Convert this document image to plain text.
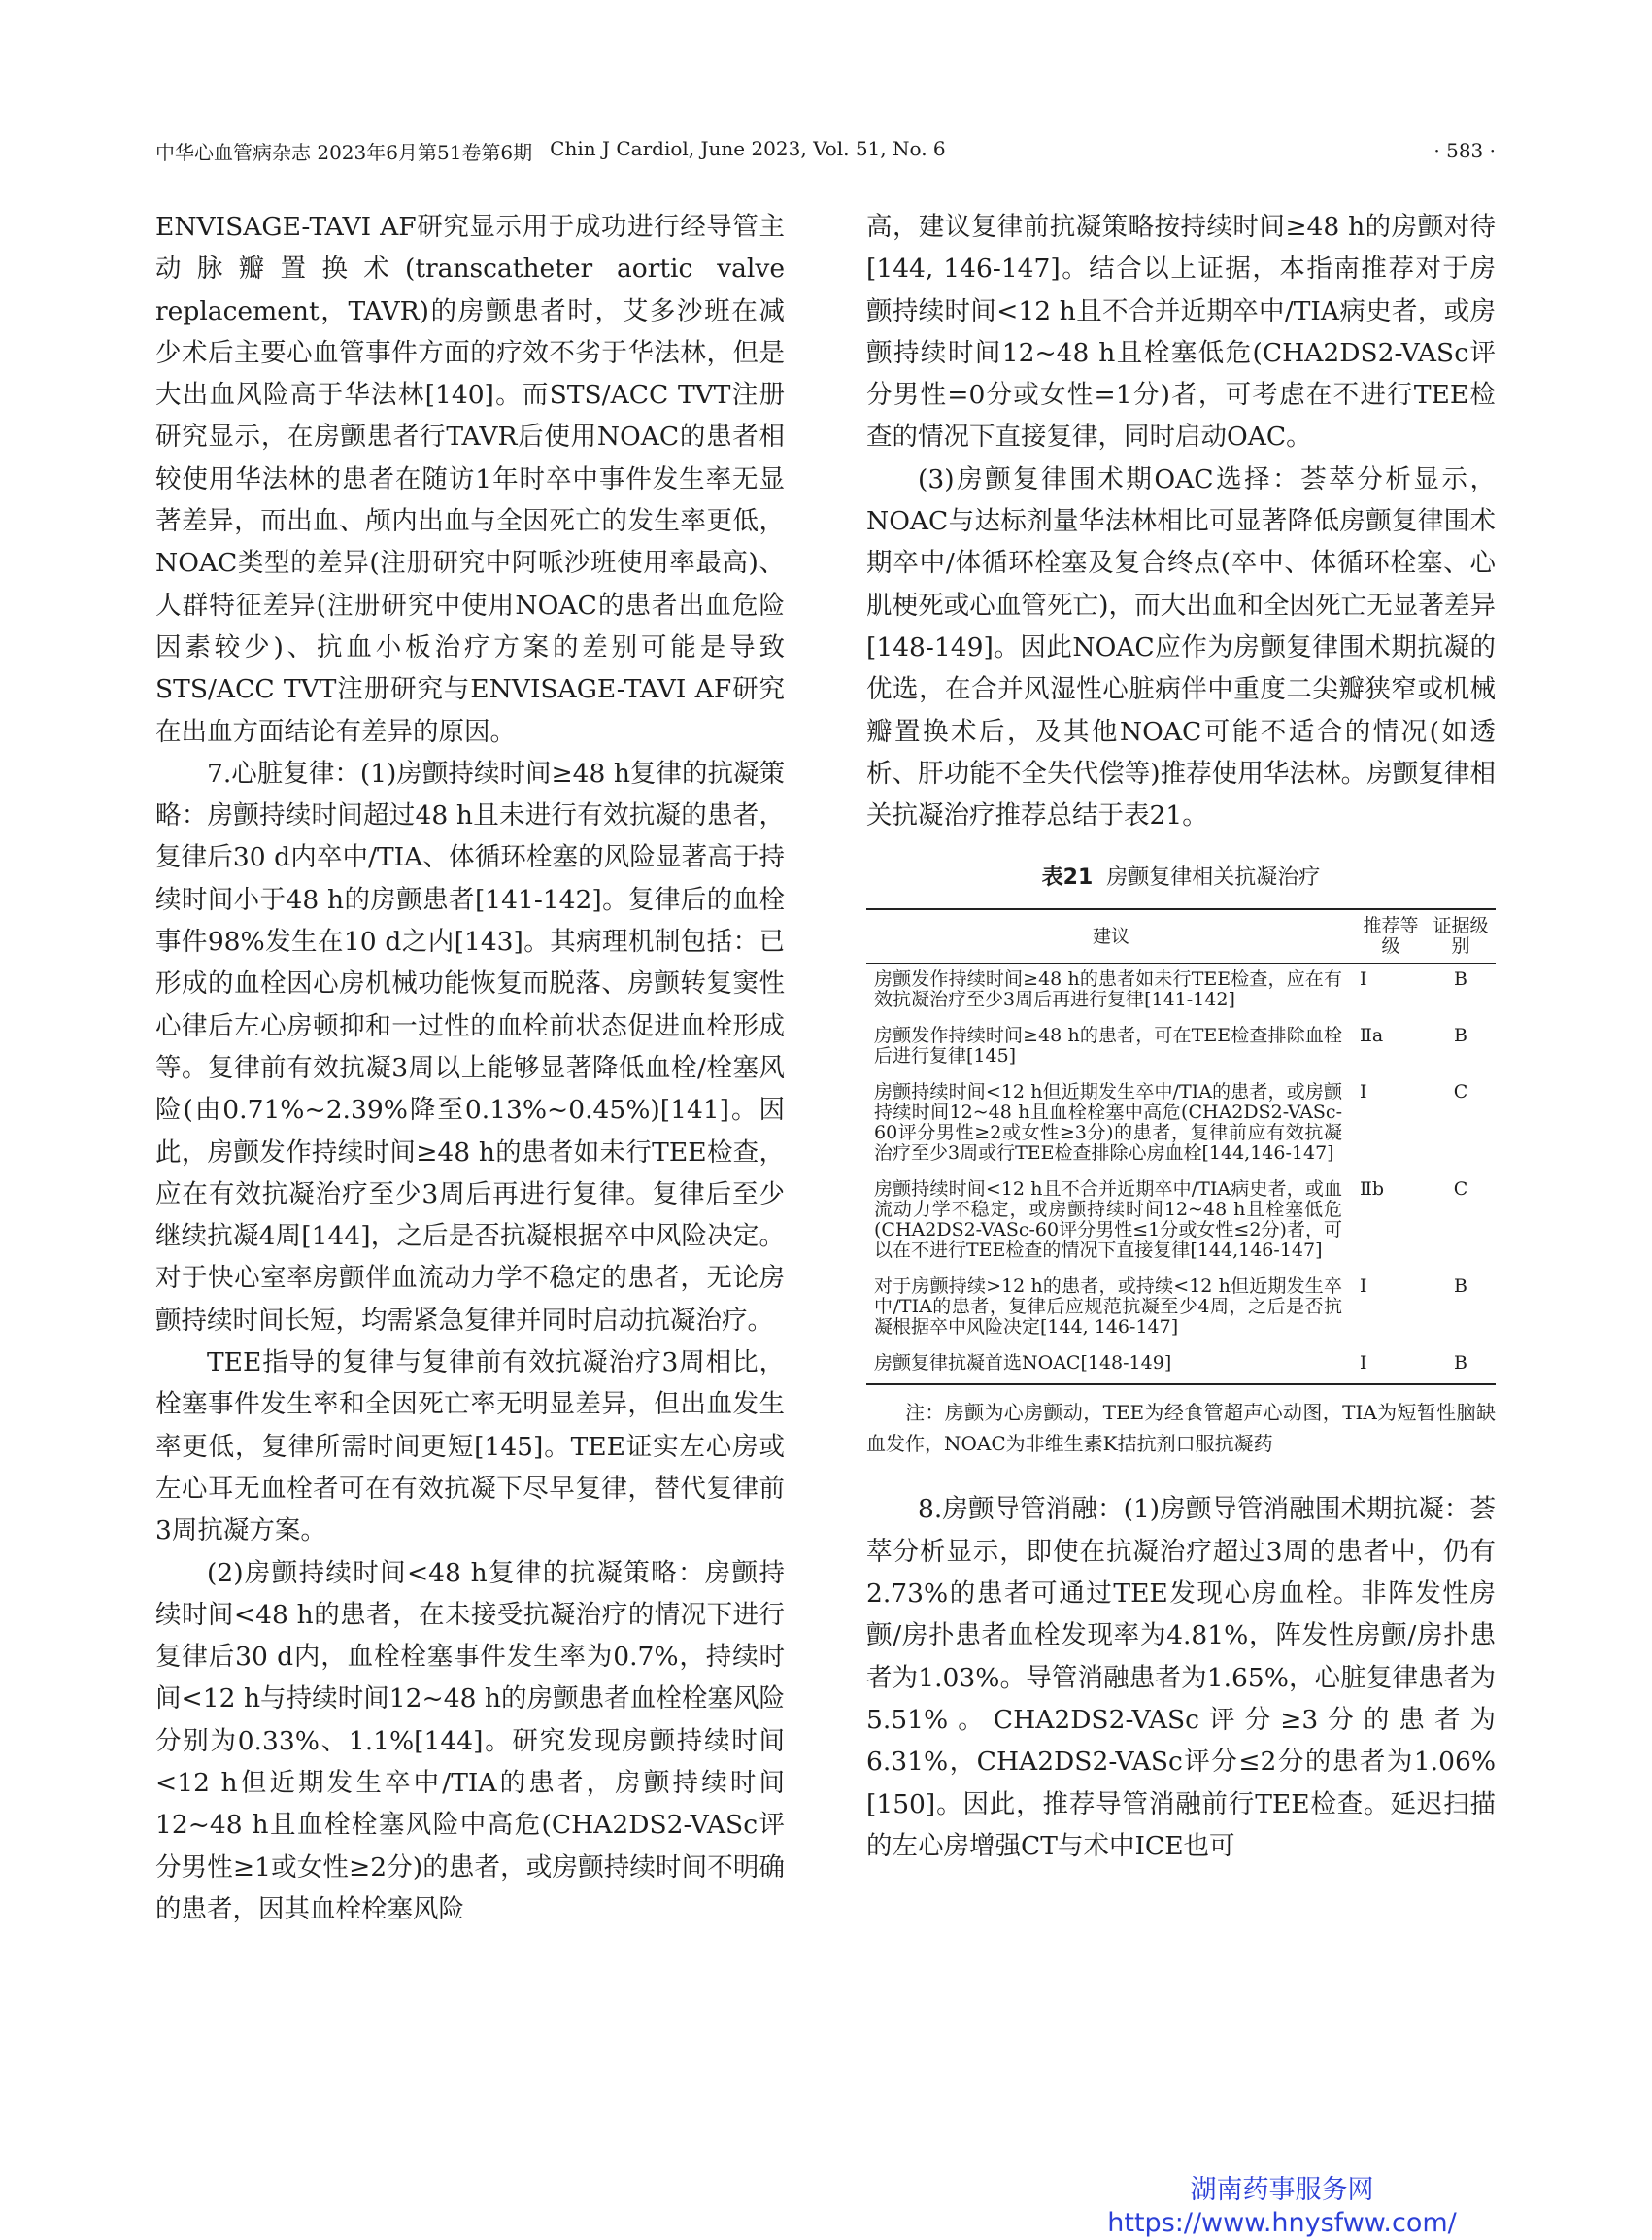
中华心血管病杂志 2023年6月第51卷第6期 Chin J Cardiol, June 2023, Vol. 51, No. 6	· 583 ·

ENVISAGE-TAVI AF研究显示用于成功进行经导管主动脉瓣置换术(transcatheter aortic valve replacement，TAVR)的房颤患者时，艾多沙班在减少术后主要心血管事件方面的疗效不劣于华法林，但是大出血风险高于华法林[140]。而STS/ACC TVT注册研究显示，在房颤患者行TAVR后使用NOAC的患者相较使用华法林的患者在随访1年时卒中事件发生率无显著差异，而出血、颅内出血与全因死亡的发生率更低，NOAC类型的差异(注册研究中阿哌沙班使用率最高)、人群特征差异(注册研究中使用NOAC的患者出血危险因素较少)、抗血小板治疗方案的差别可能是导致STS/ACC TVT注册研究与ENVISAGE-TAVI AF研究在出血方面结论有差异的原因。

7.心脏复律：(1)房颤持续时间≥48 h复律的抗凝策略：房颤持续时间超过48 h且未进行有效抗凝的患者，复律后30 d内卒中/TIA、体循环栓塞的风险显著高于持续时间小于48 h的房颤患者[141-142]。复律后的血栓事件98%发生在10 d之内[143]。其病理机制包括：已形成的血栓因心房机械功能恢复而脱落、房颤转复窦性心律后左心房顿抑和一过性的血栓前状态促进血栓形成等。复律前有效抗凝3周以上能够显著降低血栓/栓塞风险(由0.71%~2.39%降至0.13%~0.45%)[141]。因此，房颤发作持续时间≥48 h的患者如未行TEE检查，应在有效抗凝治疗至少3周后再进行复律。复律后至少继续抗凝4周[144]，之后是否抗凝根据卒中风险决定。对于快心室率房颤伴血流动力学不稳定的患者，无论房颤持续时间长短，均需紧急复律并同时启动抗凝治疗。

TEE指导的复律与复律前有效抗凝治疗3周相比，栓塞事件发生率和全因死亡率无明显差异，但出血发生率更低，复律所需时间更短[145]。TEE证实左心房或左心耳无血栓者可在有效抗凝下尽早复律，替代复律前3周抗凝方案。

(2)房颤持续时间<48 h复律的抗凝策略：房颤持续时间<48 h的患者，在未接受抗凝治疗的情况下进行复律后30 d内，血栓栓塞事件发生率为0.7%，持续时间<12 h与持续时间12~48 h的房颤患者血栓栓塞风险分别为0.33%、1.1%[144]。研究发现房颤持续时间<12 h但近期发生卒中/TIA的患者，房颤持续时间12~48 h且血栓栓塞风险中高危(CHA2DS2-VASc评分男性≥1或女性≥2分)的患者，或房颤持续时间不明确的患者，因其血栓栓塞风险

高，建议复律前抗凝策略按持续时间≥48 h的房颤对待[144, 146-147]。结合以上证据，本指南推荐对于房颤持续时间<12 h且不合并近期卒中/TIA病史者，或房颤持续时间12~48 h且栓塞低危(CHA2DS2-VASc评分男性=0分或女性=1分)者，可考虑在不进行TEE检查的情况下直接复律，同时启动OAC。

(3)房颤复律围术期OAC选择：荟萃分析显示，NOAC与达标剂量华法林相比可显著降低房颤复律围术期卒中/体循环栓塞及复合终点(卒中、体循环栓塞、心肌梗死或心血管死亡)，而大出血和全因死亡无显著差异[148-149]。因此NOAC应作为房颤复律围术期抗凝的优选，在合并风湿性心脏病伴中重度二尖瓣狭窄或机械瓣置换术后，及其他NOAC可能不适合的情况(如透析、肝功能不全失代偿等)推荐使用华法林。房颤复律相关抗凝治疗推荐总结于表21。

表21 房颤复律相关抗凝治疗
建议	推荐等级	证据级别
房颤发作持续时间≥48 h的患者如未行TEE检查，应在有效抗凝治疗至少3周后再进行复律[141-142]	Ⅰ	B
房颤发作持续时间≥48 h的患者，可在TEE检查排除血栓后进行复律[145]	Ⅱa	B
房颤持续时间<12 h但近期发生卒中/TIA的患者，或房颤持续时间12~48 h且血栓栓塞中高危(CHA2DS2-VASc-60评分男性≥2或女性≥3分)的患者，复律前应有效抗凝治疗至少3周或行TEE检查排除心房血栓[144,146-147]	Ⅰ	C
房颤持续时间<12 h且不合并近期卒中/TIA病史者，或血流动力学不稳定，或房颤持续时间12~48 h且栓塞低危(CHA2DS2-VASc-60评分男性≤1分或女性≤2分)者，可以在不进行TEE检查的情况下直接复律[144,146-147]	Ⅱb	C
对于房颤持续>12 h的患者，或持续<12 h但近期发生卒中/TIA的患者，复律后应规范抗凝至少4周，之后是否抗凝根据卒中风险决定[144, 146-147]	Ⅰ	B
房颤复律抗凝首选NOAC[148-149]	Ⅰ	B
注：房颤为心房颤动，TEE为经食管超声心动图，TIA为短暂性脑缺血发作，NOAC为非维生素K拮抗剂口服抗凝药

8.房颤导管消融：(1)房颤导管消融围术期抗凝：荟萃分析显示，即使在抗凝治疗超过3周的患者中，仍有2.73%的患者可通过TEE发现心房血栓。非阵发性房颤/房扑患者血栓发现率为4.81%，阵发性房颤/房扑患者为1.03%。导管消融患者为1.65%，心脏复律患者为5.51%。CHA2DS2-VASc评分≥3分的患者为6.31%，CHA2DS2-VASc评分≤2分的患者为1.06%[150]。因此，推荐导管消融前行TEE检查。延迟扫描的左心房增强CT与术中ICE也可

湖南药事服务网
https://www.hnysfww.com/
